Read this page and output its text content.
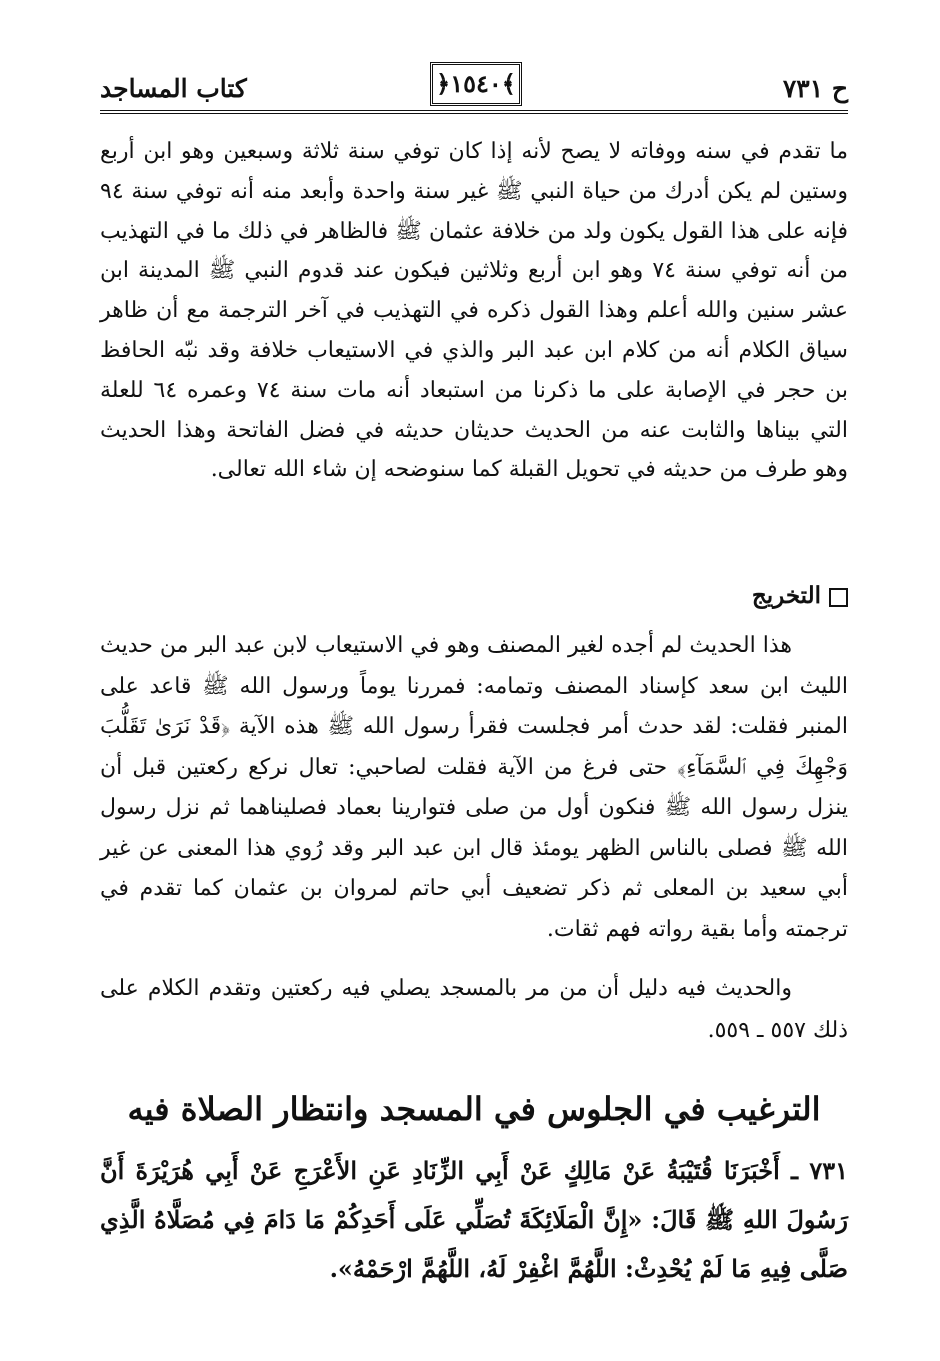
كتاب المساجد	﴿١٥٤٠﴾	ح ٧٣١
ما تقدم في سنه ووفاته لا يصح لأنه إذا كان توفي سنة ثلاثة وسبعين وهو ابن أربع وستين لم يكن أدرك من حياة النبي ﷺ غير سنة واحدة وأبعد منه أنه توفي سنة ٩٤ فإنه على هذا القول يكون ولد من خلافة عثمان ﷺ فالظاهر في ذلك ما في التهذيب من أنه توفي سنة ٧٤ وهو ابن أربع وثلاثين فيكون عند قدوم النبي ﷺ المدينة ابن عشر سنين والله أعلم وهذا القول ذكره في التهذيب في آخر الترجمة مع أن ظاهر سياق الكلام أنه من كلام ابن عبد البر والذي في الاستيعاب خلافة وقد نبّه الحافظ بن حجر في الإصابة على ما ذكرنا من استبعاد أنه مات سنة ٧٤ وعمره ٦٤ للعلة التي بيناها والثابت عنه من الحديث حديثان حديثه في فضل الفاتحة وهذا الحديث وهو طرف من حديثه في تحويل القبلة كما سنوضحه إن شاء الله تعالى.
التخريج
هذا الحديث لم أجده لغير المصنف وهو في الاستيعاب لابن عبد البر من حديث الليث ابن سعد كإسناد المصنف وتمامه: فمررنا يوماً ورسول الله ﷺ قاعد على المنبر فقلت: لقد حدث أمر فجلست فقرأ رسول الله ﷺ هذه الآية ﴿قَدْ نَرَىٰ تَقَلُّبَ وَجْهِكَ فِي ٱلسَّمَآءِ﴾ حتى فرغ من الآية فقلت لصاحبي: تعال نركع ركعتين قبل أن ينزل رسول الله ﷺ فنكون أول من صلى فتوارينا بعماد فصليناهما ثم نزل رسول الله ﷺ فصلى بالناس الظهر يومئذ قال ابن عبد البر وقد رُوي هذا المعنى عن غير أبي سعيد بن المعلى ثم ذكر تضعيف أبي حاتم لمروان بن عثمان كما تقدم في ترجمته وأما بقية رواته فهم ثقات.
والحديث فيه دليل أن من مر بالمسجد يصلي فيه ركعتين وتقدم الكلام على ذلك ٥٥٧ ـ ٥٥٩.
الترغيب في الجلوس في المسجد وانتظار الصلاة فيه
٧٣١ ـ أَخْبَرَنَا قُتَيْبَةُ عَنْ مَالِكٍ عَنْ أَبِي الزِّنَادِ عَنِ الأَعْرَجِ عَنْ أَبِي هُرَيْرَةَ أَنَّ رَسُولَ اللهِ ﷺ قَالَ: «إِنَّ الْمَلَائِكَةَ تُصَلِّي عَلَى أَحَدِكُمْ مَا دَامَ فِي مُصَلَّاهُ الَّذِي صَلَّى فِيهِ مَا لَمْ يُحْدِثْ: اللَّهُمَّ اغْفِرْ لَهُ، اللَّهُمَّ ارْحَمْهُ».
